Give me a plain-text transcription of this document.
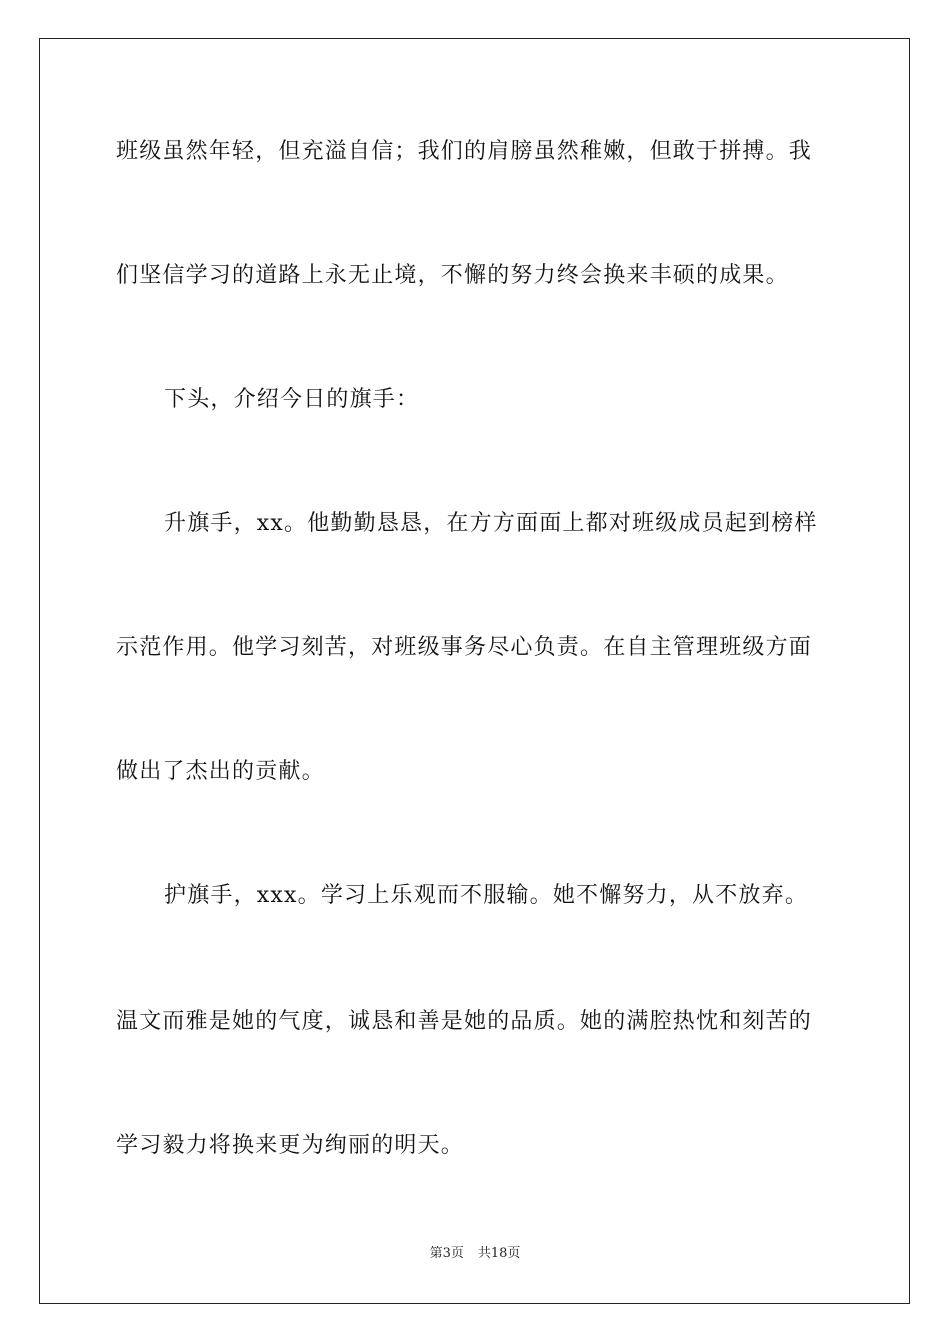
班级虽然年轻，但充溢自信；我们的肩膀虽然稚嫩，但敢于拼搏。我
们坚信学习的道路上永无止境，不懈的努力终会换来丰硕的成果。
下头，介绍今日的旗手：
升旗手，xx。他勤勤恳恳，在方方面面上都对班级成员起到榜样
示范作用。他学习刻苦，对班级事务尽心负责。在自主管理班级方面
做出了杰出的贡献。
护旗手，xxx。学习上乐观而不服输。她不懈努力，从不放弃。
温文而雅是她的气度，诚恳和善是她的品质。她的满腔热忱和刻苦的
学习毅力将换来更为绚丽的明天。
第3页 共18页
